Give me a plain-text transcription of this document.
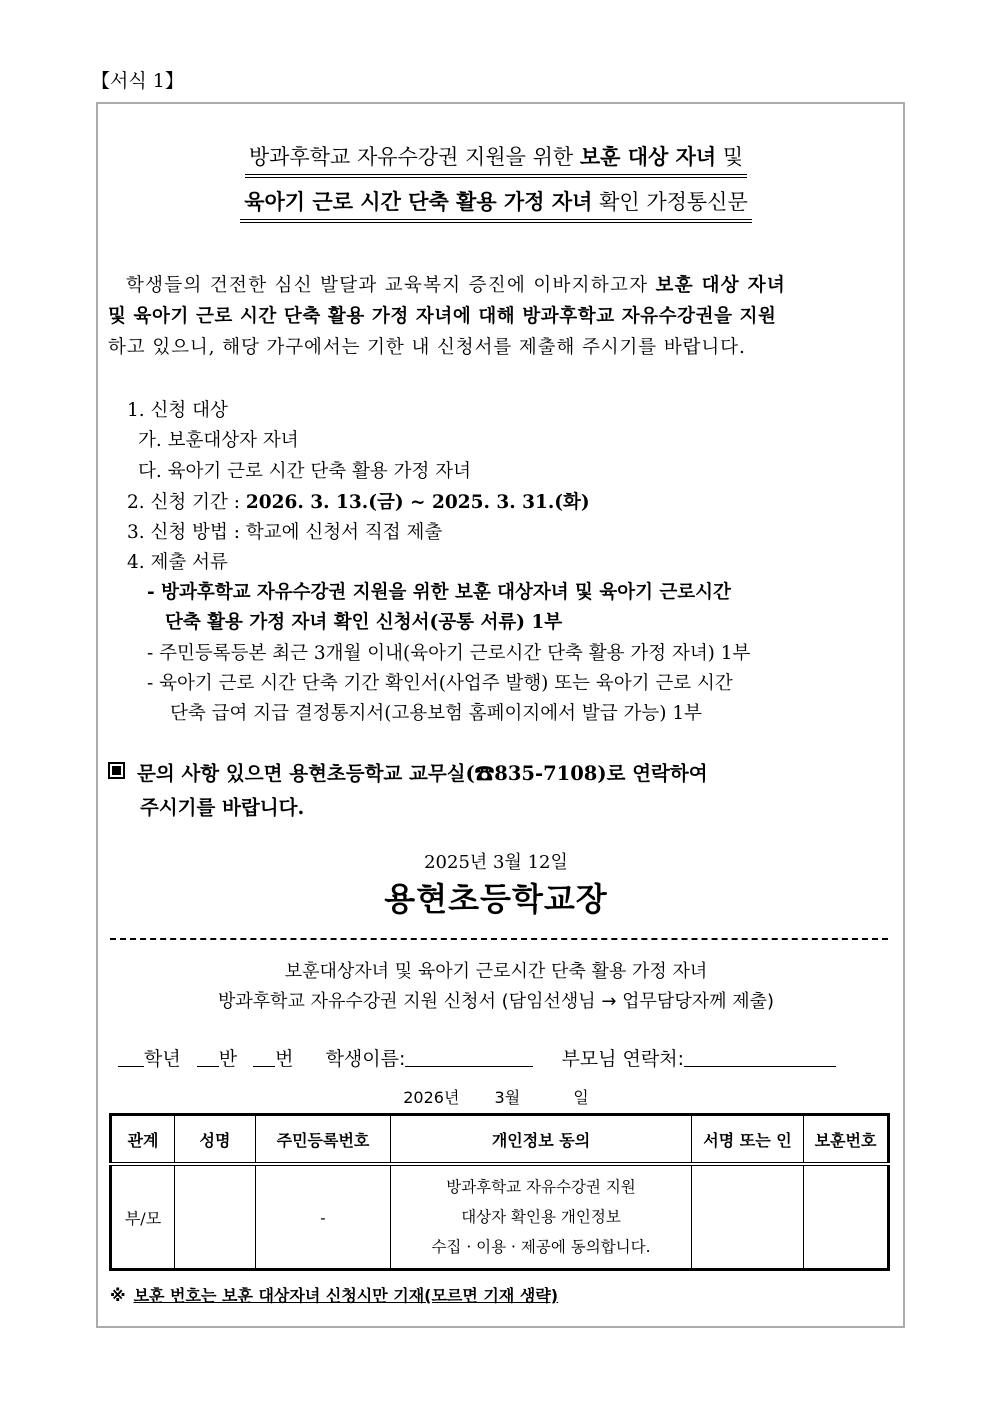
【서식 1】
방과후학교 자유수강권 지원을 위한 보훈 대상 자녀 및
육아기 근로 시간 단축 활용 가정 자녀 확인 가정통신문
학생들의 건전한 심신 발달과 교육복지 증진에 이바지하고자 보훈 대상 자녀
및 육아기 근로 시간 단축 활용 가정 자녀에 대해 방과후학교 자유수강권을 지원
하고 있으니, 해당 가구에서는 기한 내 신청서를 제출해 주시기를 바랍니다.
1. 신청 대상
가. 보훈대상자 자녀
다. 육아기 근로 시간 단축 활용 가정 자녀
2. 신청 기간 : 2026. 3. 13.(금) ~ 2025. 3. 31.(화)
3. 신청 방법 : 학교에 신청서 직접 제출
4. 제출 서류
- 방과후학교 자유수강권 지원을 위한 보훈 대상자녀 및 육아기 근로시간
단축 활용 가정 자녀 확인 신청서(공통 서류) 1부
- 주민등록등본 최근 3개월 이내(육아기 근로시간 단축 활용 가정 자녀) 1부
- 육아기 근로 시간 단축 기간 확인서(사업주 발행) 또는 육아기 근로 시간
단축 급여 지급 결정통지서(고용보험 홈페이지에서 발급 가능) 1부
문의 사항 있으면 용현초등학교 교무실(☎835-7108)로 연락하여
주시기를 바랍니다.
2025년 3월 12일
용현초등학교장
보훈대상자녀 및 육아기 근로시간 단축 활용 가정 자녀
방과후학교 자유수강권 지원 신청서 (담임선생님 → 업무담당자께 제출)
학년 반 번 학생이름:	부모님 연락처:
2026년 3월	일
관계	성명	주민등록번호	개인정보 동의	서명 또는 인	보훈번호
부/모		-	방과후학교 자유수강권 지원
대상자 확인용 개인정보
수집 · 이용 · 제공에 동의합니다.		

※ 보훈 번호는 보훈 대상자녀 신청시만 기재(모르면 기재 생략)
